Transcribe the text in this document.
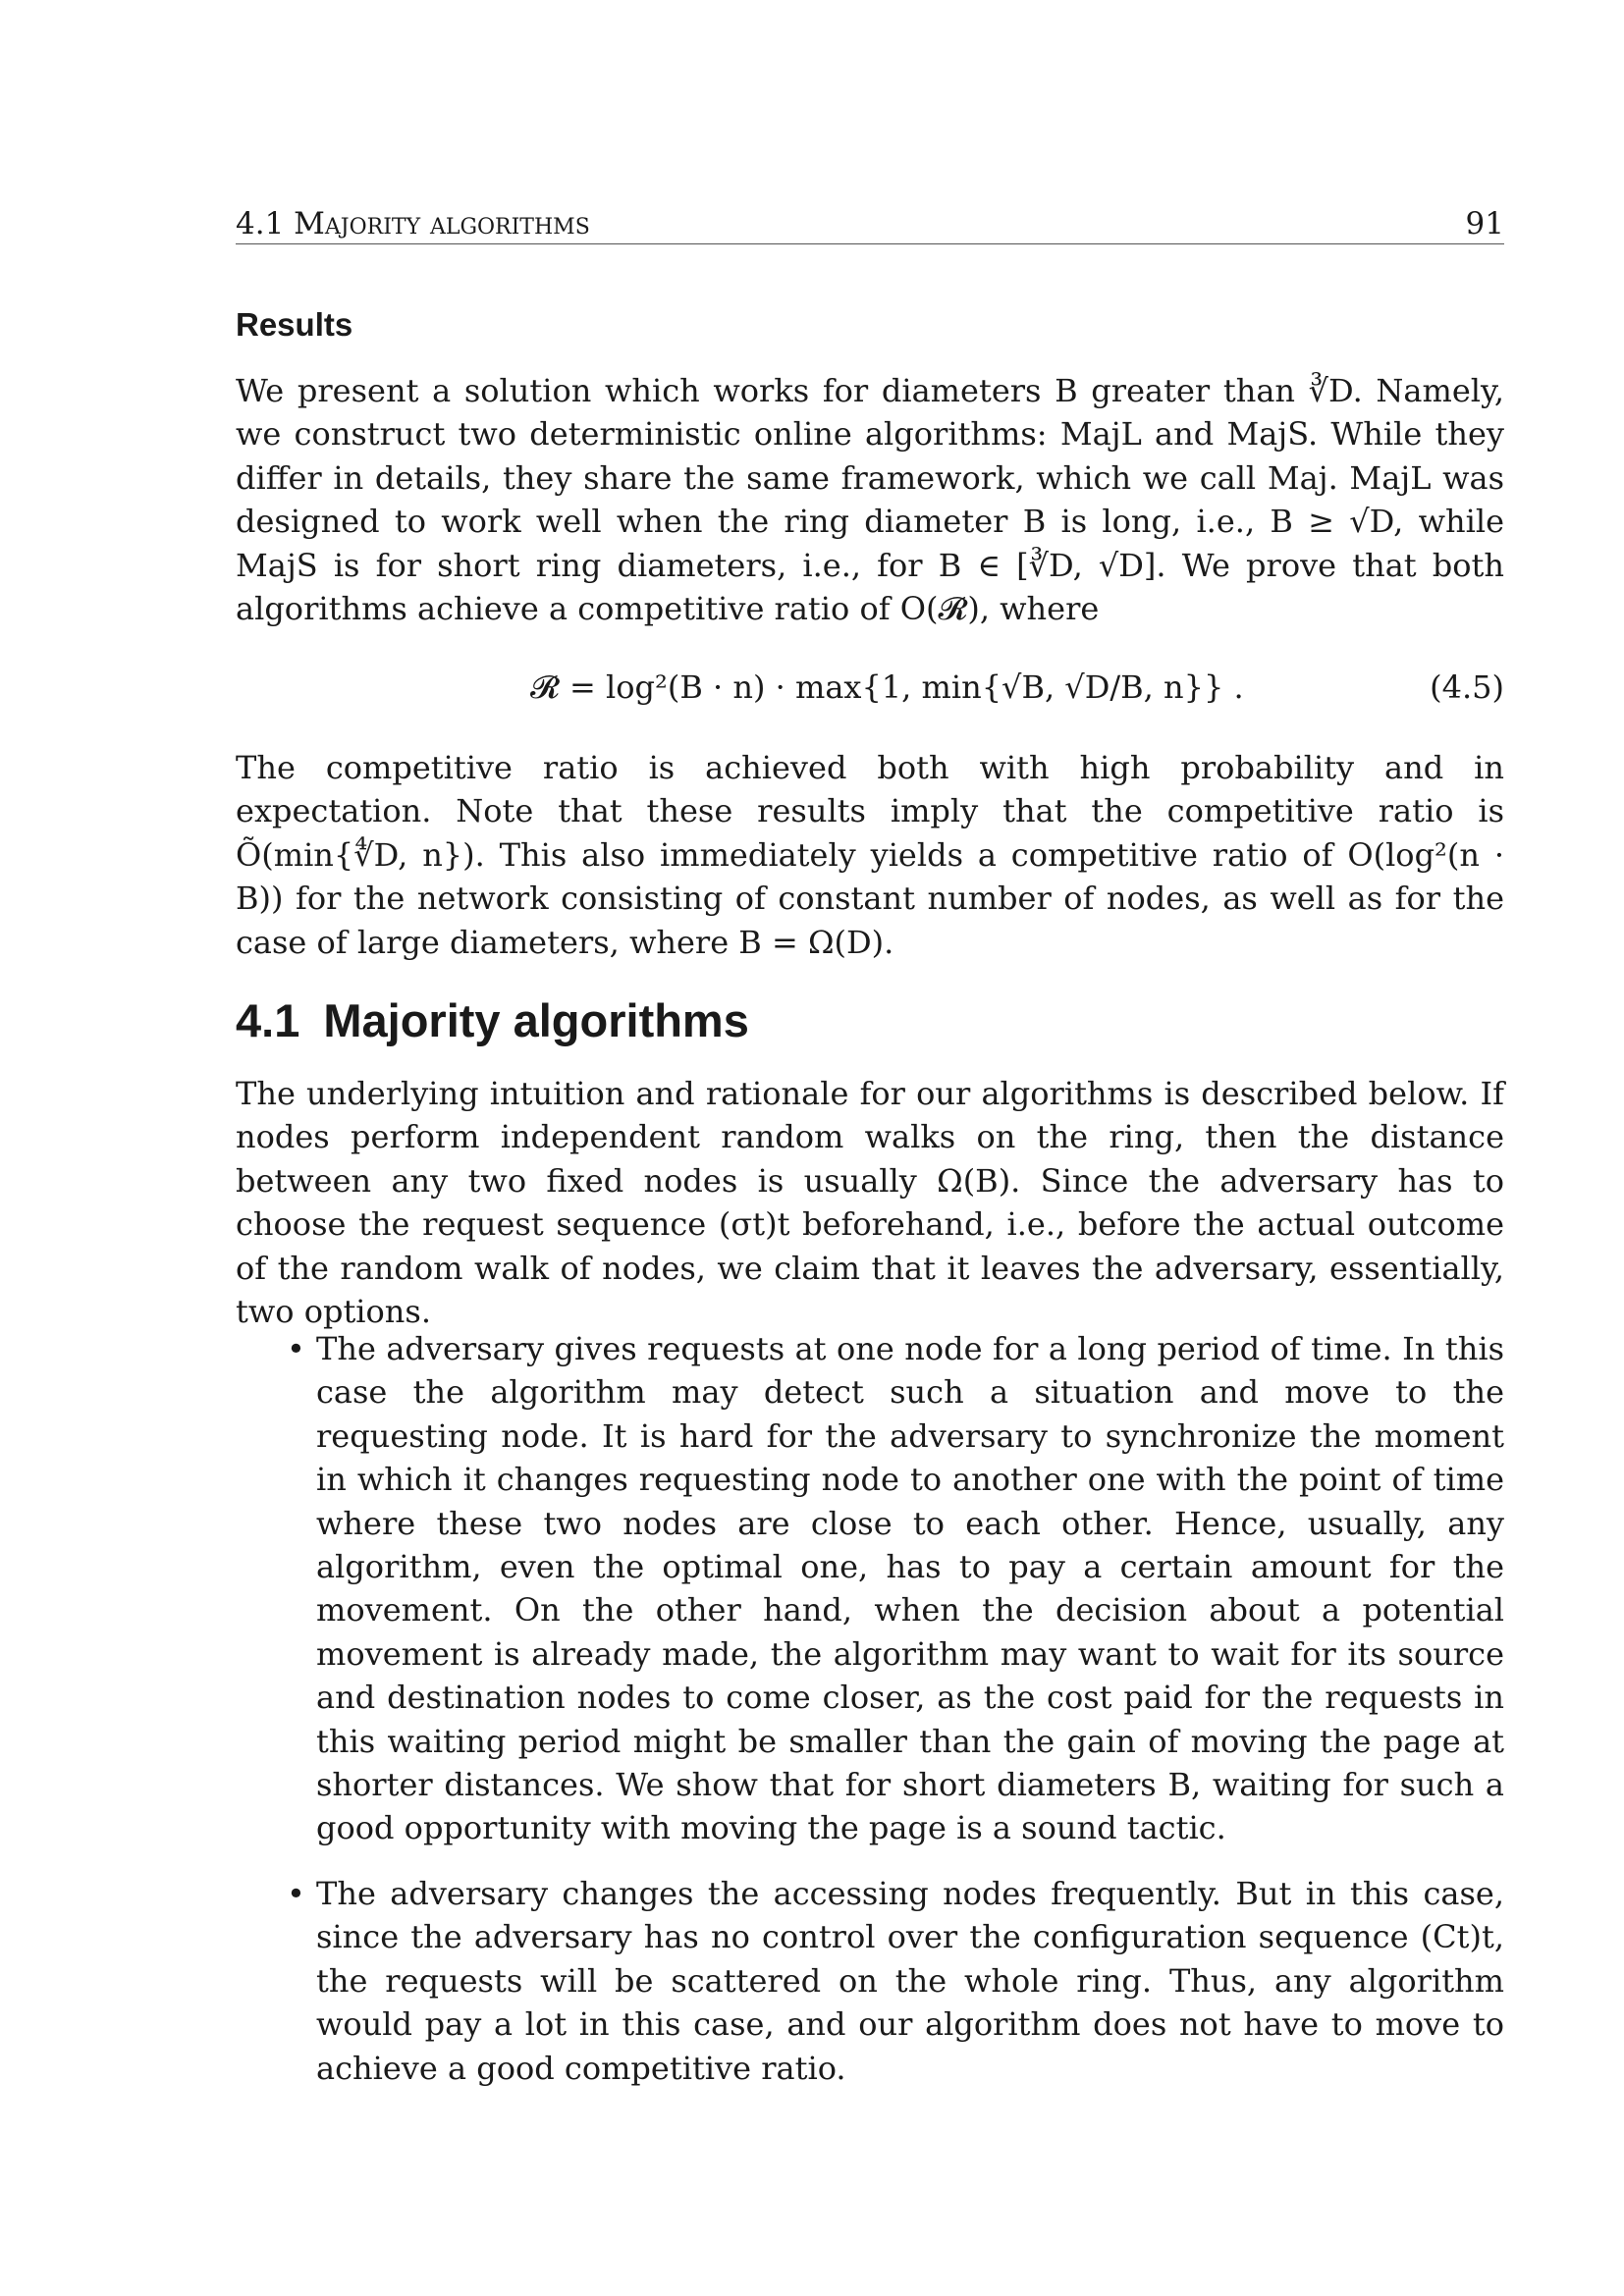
4.1 Majority algorithms	91
Results

We present a solution which works for diameters B greater than ∛D. Namely, we construct two deterministic online algorithms: MajL and MajS. While they differ in details, they share the same framework, which we call Maj. MajL was designed to work well when the ring diameter B is long, i.e., B ≥ √D, while MajS is for short ring diameters, i.e., for B ∈ [∛D, √D]. We prove that both algorithms achieve a competitive ratio of O(𝓡), where

𝓡 = log²(B · n) · max{1, min{√B, √D/B, n}} .	(4.5)

The competitive ratio is achieved both with high probability and in expectation. Note that these results imply that the competitive ratio is Õ(min{∜D, n}). This also immediately yields a competitive ratio of O(log²(n · B)) for the network consisting of constant number of nodes, as well as for the case of large diameters, where B = Ω(D).

4.1 Majority algorithms

The underlying intuition and rationale for our algorithms is described below. If nodes perform independent random walks on the ring, then the distance between any two fixed nodes is usually Ω(B). Since the adversary has to choose the request sequence (σt)t beforehand, i.e., before the actual outcome of the random walk of nodes, we claim that it leaves the adversary, essentially, two options.

• The adversary gives requests at one node for a long period of time. In this case the algorithm may detect such a situation and move to the requesting node. It is hard for the adversary to synchronize the moment in which it changes requesting node to another one with the point of time where these two nodes are close to each other. Hence, usually, any algorithm, even the optimal one, has to pay a certain amount for the movement. On the other hand, when the decision about a potential movement is already made, the algorithm may want to wait for its source and destination nodes to come closer, as the cost paid for the requests in this waiting period might be smaller than the gain of moving the page at shorter distances. We show that for short diameters B, waiting for such a good opportunity with moving the page is a sound tactic.
• The adversary changes the accessing nodes frequently. But in this case, since the adversary has no control over the configuration sequence (Ct)t, the requests will be scattered on the whole ring. Thus, any algorithm would pay a lot in this case, and our algorithm does not have to move to achieve a good competitive ratio.
